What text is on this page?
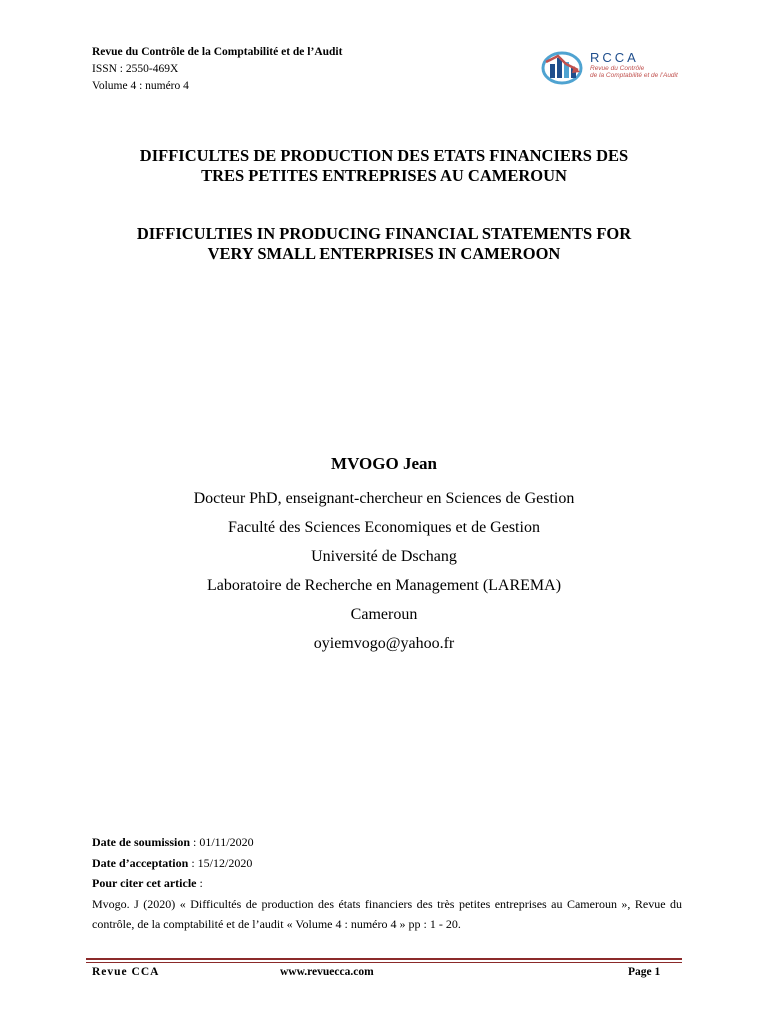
Revue du Contrôle de la Comptabilité et de l’Audit
ISSN : 2550-469X
Volume 4 : numéro 4
RCCA
Revue du Contrôle
de la Comptabilité et de l’Audit
DIFFICULTES DE PRODUCTION DES ETATS FINANCIERS DES
TRES PETITES ENTREPRISES AU CAMEROUN
DIFFICULTIES IN PRODUCING FINANCIAL STATEMENTS FOR
VERY SMALL ENTERPRISES IN CAMEROON
MVOGO Jean
Docteur PhD, enseignant-chercheur en Sciences de Gestion
Faculté des Sciences Economiques et de Gestion
Université de Dschang
Laboratoire de Recherche en Management (LAREMA)
Cameroun
oyiemvogo@yahoo.fr
Date de soumission : 01/11/2020
Date d’acceptation : 15/12/2020
Pour citer cet article :
Mvogo. J (2020) « Difficultés de production des états financiers des très petites entreprises au Cameroun », Revue du contrôle, de la comptabilité et de l’audit « Volume 4 : numéro 4 » pp : 1 - 20.
Revue CCA	www.revuecca.com	Page 1
